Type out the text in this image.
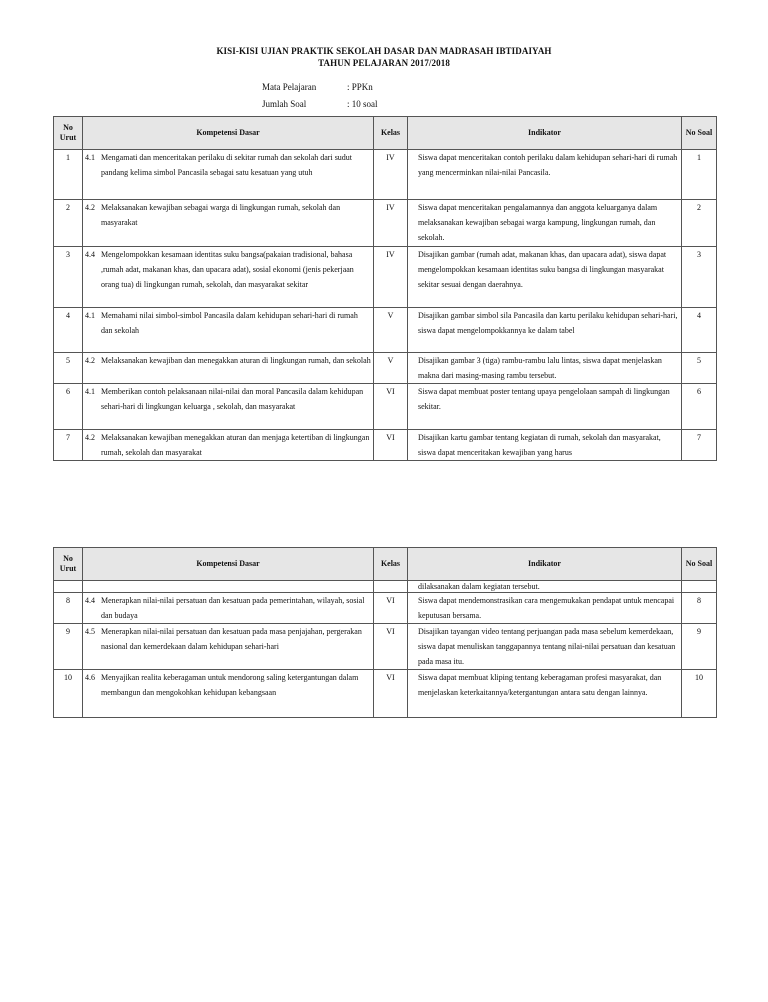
KISI-KISI UJIAN PRAKTIK SEKOLAH DASAR DAN MADRASAH IBTIDAIYAH
TAHUN PELAJARAN 2017/2018
Mata Pelajaran	: PPKn
Jumlah Soal	: 10 soal
No Urut	Kompetensi Dasar	Kelas	Indikator	No Soal
1	4.1 Mengamati dan menceritakan perilaku di sekitar rumah dan sekolah dari sudut pandang kelima simbol Pancasila sebagai satu kesatuan yang utuh	IV	Siswa dapat menceritakan contoh perilaku dalam kehidupan sehari-hari di rumah yang mencerminkan nilai-nilai Pancasila.	1
2	4.2 Melaksanakan kewajiban sebagai warga di lingkungan rumah, sekolah dan masyarakat	IV	Siswa dapat menceritakan pengalamannya dan anggota keluarganya dalam melaksanakan kewajiban sebagai warga kampung, lingkungan rumah, dan sekolah.	2
3	4.4 Mengelompokkan kesamaan identitas suku bangsa(pakaian tradisional, bahasa ,rumah adat, makanan khas, dan upacara adat), sosial ekonomi (jenis pekerjaan orang tua) di lingkungan rumah, sekolah, dan masyarakat sekitar	IV	Disajikan gambar (rumah adat, makanan khas, dan upacara adat), siswa dapat mengelompokkan kesamaan identitas suku bangsa di lingkungan masyarakat sekitar sesuai dengan daerahnya.	3
4	4.1 Memahami nilai simbol-simbol Pancasila dalam kehidupan sehari-hari di rumah dan sekolah	V	Disajikan gambar simbol sila Pancasila dan kartu perilaku kehidupan sehari-hari, siswa dapat mengelompokkannya ke dalam tabel	4
5	4.2 Melaksanakan kewajiban dan menegakkan aturan di lingkungan rumah, dan sekolah	V	Disajikan gambar 3 (tiga) rambu-rambu lalu lintas, siswa dapat menjelaskan makna dari masing-masing rambu tersebut.	5
6	4.1 Memberikan contoh pelaksanaan nilai-nilai dan moral Pancasila dalam kehidupan sehari-hari di lingkungan keluarga , sekolah, dan masyarakat	VI	Siswa dapat membuat poster tentang upaya pengelolaan sampah di lingkungan sekitar.	6
7	4.2 Melaksanakan kewajiban menegakkan aturan dan menjaga ketertiban di lingkungan rumah, sekolah dan masyarakat	VI	Disajikan kartu gambar tentang kegiatan di rumah, sekolah dan masyarakat, siswa dapat menceritakan kewajiban yang harus	7
No Urut	Kompetensi Dasar	Kelas	Indikator	No Soal
			dilaksanakan dalam kegiatan tersebut.	
8	4.4 Menerapkan nilai-nilai persatuan dan kesatuan pada pemerintahan, wilayah, sosial dan budaya	VI	Siswa dapat mendemonstrasikan cara mengemukakan pendapat untuk mencapai keputusan bersama.	8
9	4.5 Menerapkan nilai-nilai persatuan dan kesatuan pada masa penjajahan, pergerakan nasional dan kemerdekaan dalam kehidupan sehari-hari	VI	Disajikan tayangan video tentang perjuangan pada masa sebelum kemerdekaan, siswa dapat menuliskan tanggapannya tentang nilai-nilai persatuan dan kesatuan pada masa itu.	9
10	4.6 Menyajikan realita keberagaman untuk mendorong saling ketergantungan dalam membangun dan mengokohkan kehidupan kebangsaan	VI	Siswa dapat membuat kliping tentang keberagaman profesi masyarakat, dan menjelaskan keterkaitannya/ketergantungan antara satu dengan lainnya.	10
